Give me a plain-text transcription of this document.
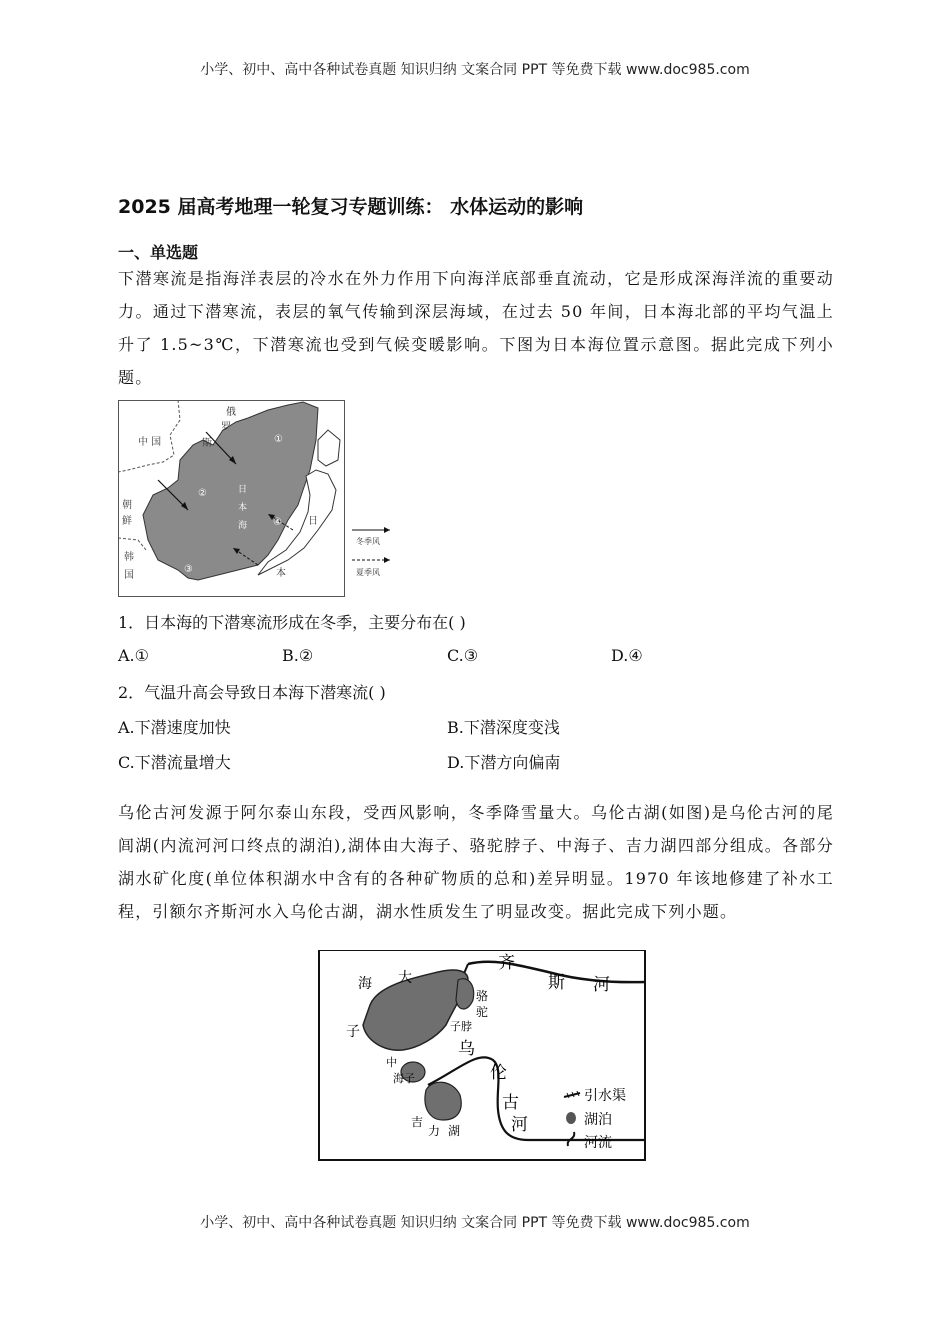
小学、初中、高中各种试卷真题 知识归纳 文案合同 PPT 等免费下载 www.doc985.com
2025 届高考地理一轮复习专题训练： 水体运动的影响
一、单选题
下潜寒流是指海洋表层的冷水在外力作用下向海洋底部垂直流动，它是形成深海洋流的重要动力。通过下潜寒流，表层的氧气传输到深层海域，在过去 50 年间，日本海北部的平均气温上升了 1.5~3℃，下潜寒流也受到气候变暖影响。下图为日本海位置示意图。据此完成下列小题。
中 国
俄
罗
斯
朝
鲜
韩
国
日
本
海	日
本
①
②
③
④
冬季风
夏季风
1．日本海的下潜寒流形成在冬季，主要分布在( )
A.①	B.②	C.③	D.④
2．气温升高会导致日本海下潜寒流( )
A.下潜速度加快	B.下潜深度变浅
C.下潜流量增大	D.下潜方向偏南
乌伦古河发源于阿尔泰山东段，受西风影响，冬季降雪量大。乌伦古湖(如图)是乌伦古河的尾闾湖(内流河河口终点的湖泊),湖体由大海子、骆驼脖子、中海子、吉力湖四部分组成。各部分湖水矿化度(单位体积湖水中含有的各种矿物质的总和)差异明显。1970 年该地修建了补水工程，引额尔齐斯河水入乌伦古湖，湖水性质发生了明显改变。据此完成下列小题。
大
海
子
骆
驼
子脖
中
海子
吉
力 湖
齐
斯 河
乌
伦
古
河
引水渠
湖泊
河流
小学、初中、高中各种试卷真题 知识归纳 文案合同 PPT 等免费下载 www.doc985.com
